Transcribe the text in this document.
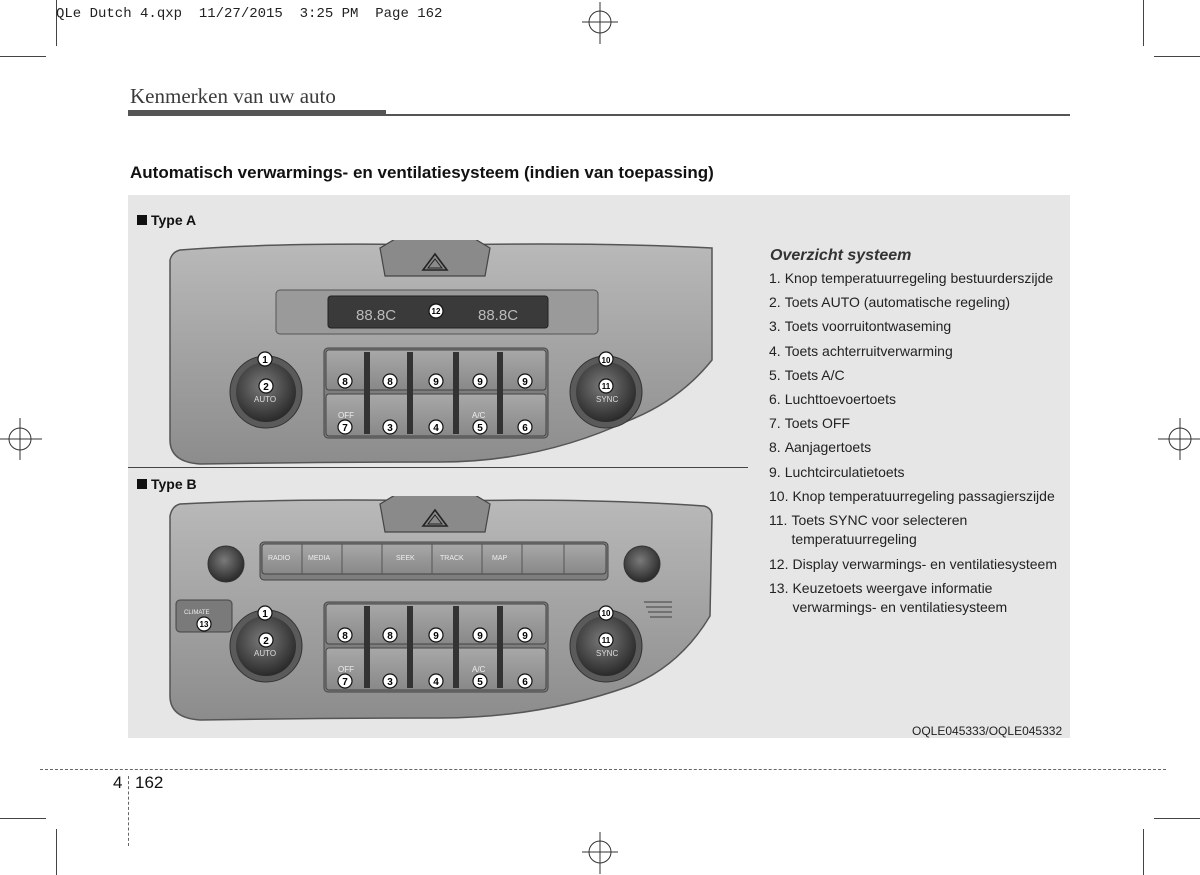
QLe Dutch 4.qxp  11/27/2015  3:25 PM  Page 162
Kenmerken van uw auto
Automatisch verwarmings- en ventilatiesysteem (indien van toepassing)
Type A
Type B
88.8C	88.8C
OFF	A/C
AUTO	SYNC
1
2	8	8	9	9	9
7	3	4	5	6
10
11
12
RADIO	MEDIA	SEEK	TRACK	MAP
CLIMATE
OFF	A/C
AUTO	SYNC
1
2	8	8	9	9	9
7	3	4	5	6
10
11
13
Overzicht systeem
1. Knop temperatuurregeling bestuurderszijde
2. Toets AUTO (automatische regeling)
3. Toets voorruitontwaseming
4. Toets achterruitverwarming
5. Toets A/C
6. Luchttoevoertoets
7. Toets OFF
8. Aanjagertoets
9. Luchtcirculatietoets
10. Knop temperatuurregeling passagierszijde
11. Toets SYNC voor selecteren temperatuurregeling
12. Display verwarmings- en ventilatiesysteem
13. Keuzetoets weergave informatie verwarmings- en ventilatiesysteem
OQLE045333/OQLE045332
4 162
